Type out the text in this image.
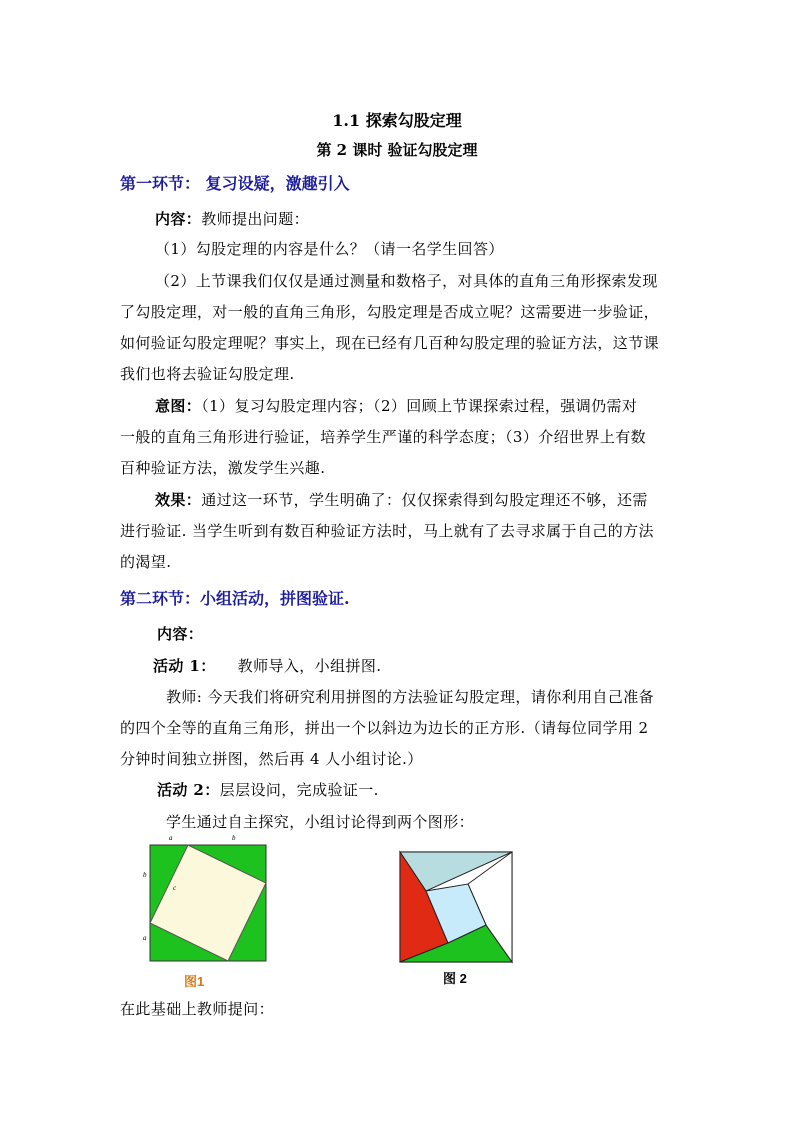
1.1 探索勾股定理
第 2 课时 验证勾股定理
第一环节： 复习设疑，激趣引入
内容：教师提出问题：
（1）勾股定理的内容是什么？（请一名学生回答）
（2）上节课我们仅仅是通过测量和数格子，对具体的直角三角形探索发现
了勾股定理，对一般的直角三角形，勾股定理是否成立呢？这需要进一步验证，
如何验证勾股定理呢？事实上，现在已经有几百种勾股定理的验证方法，这节课
我们也将去验证勾股定理.
意图：（1）复习勾股定理内容；（2）回顾上节课探索过程，强调仍需对
一般的直角三角形进行验证，培养学生严谨的科学态度；（3）介绍世界上有数
百种验证方法，激发学生兴趣.
效果：通过这一环节，学生明确了：仅仅探索得到勾股定理还不够，还需
进行验证. 当学生听到有数百种验证方法时，马上就有了去寻求属于自己的方法
的渴望.
第二环节：小组活动，拼图验证.
内容：
活动 1： 教师导入，小组拼图.
教师: 今天我们将研究利用拼图的方法验证勾股定理，请你利用自己准备
的四个全等的直角三角形，拼出一个以斜边为边长的正方形.（请每位同学用 2
分钟时间独立拼图，然后再 4 人小组讨论.）
活动 2：层层设问，完成验证一.
学生通过自主探究，小组讨论得到两个图形：
a	b
b
a
c
图1	图 2
在此基础上教师提问：
